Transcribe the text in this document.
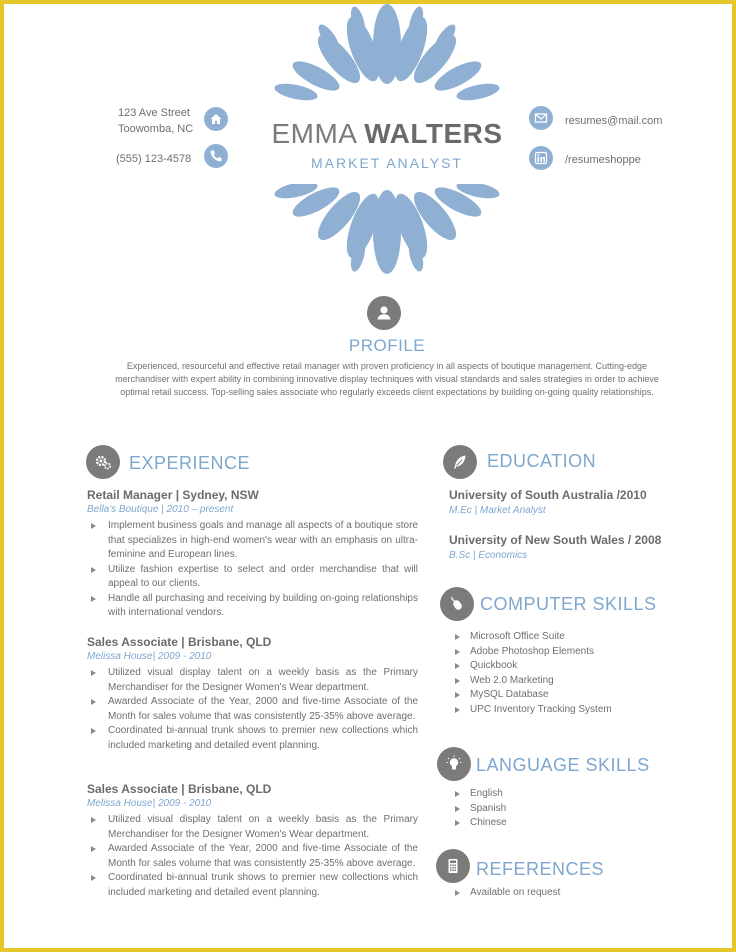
123 Ave Street
Toowomba, NC
(555) 123-4578
EMMA WALTERS
MARKET ANALYST
resumes@mail.com
/resumeshoppe
PROFILE
Experienced, resourceful and effective retail manager with proven proficiency in all aspects of boutique management. Cutting-edge merchandiser with expert ability in combining innovative display techniques with visual standards and sales strategies in order to achieve optimal retail success. Top-selling sales associate who regularly exceeds client expectations by building on-going quality relationships.
EXPERIENCE
Retail Manager | Sydney, NSW
Bella's Boutique | 2010 – present
Implement business goals and manage all aspects of a boutique store that specializes in high-end women's wear with an emphasis on ultra-feminine and European lines.
Utilize fashion expertise to select and order merchandise that will appeal to our clients.
Handle all purchasing and receiving by building on-going relationships with international vendors.
Sales Associate | Brisbane, QLD
Melissa House| 2009 - 2010
Utilized visual display talent on a weekly basis as the Primary Merchandiser for the Designer Women's Wear department.
Awarded Associate of the Year, 2000 and five-time Associate of the Month for sales volume that was consistently 25-35% above average.
Coordinated bi-annual trunk shows to premier new collections which included marketing and detailed event planning.
Sales Associate | Brisbane, QLD
Melissa House| 2009 - 2010
Utilized visual display talent on a weekly basis as the Primary Merchandiser for the Designer Women's Wear department.
Awarded Associate of the Year, 2000 and five-time Associate of the Month for sales volume that was consistently 25-35% above average.
Coordinated bi-annual trunk shows to premier new collections which included marketing and detailed event planning.
EDUCATION
University of South Australia /2010
M.Ec | Market Analyst
University of New South Wales / 2008
B.Sc | Economics
COMPUTER SKILLS
Microsoft Office Suite
Adobe Photoshop Elements
Quickbook
Web 2.0 Marketing
MySQL Database
UPC Inventory Tracking System
LANGUAGE SKILLS
English
Spanish
Chinese
REFERENCES
Available on request
